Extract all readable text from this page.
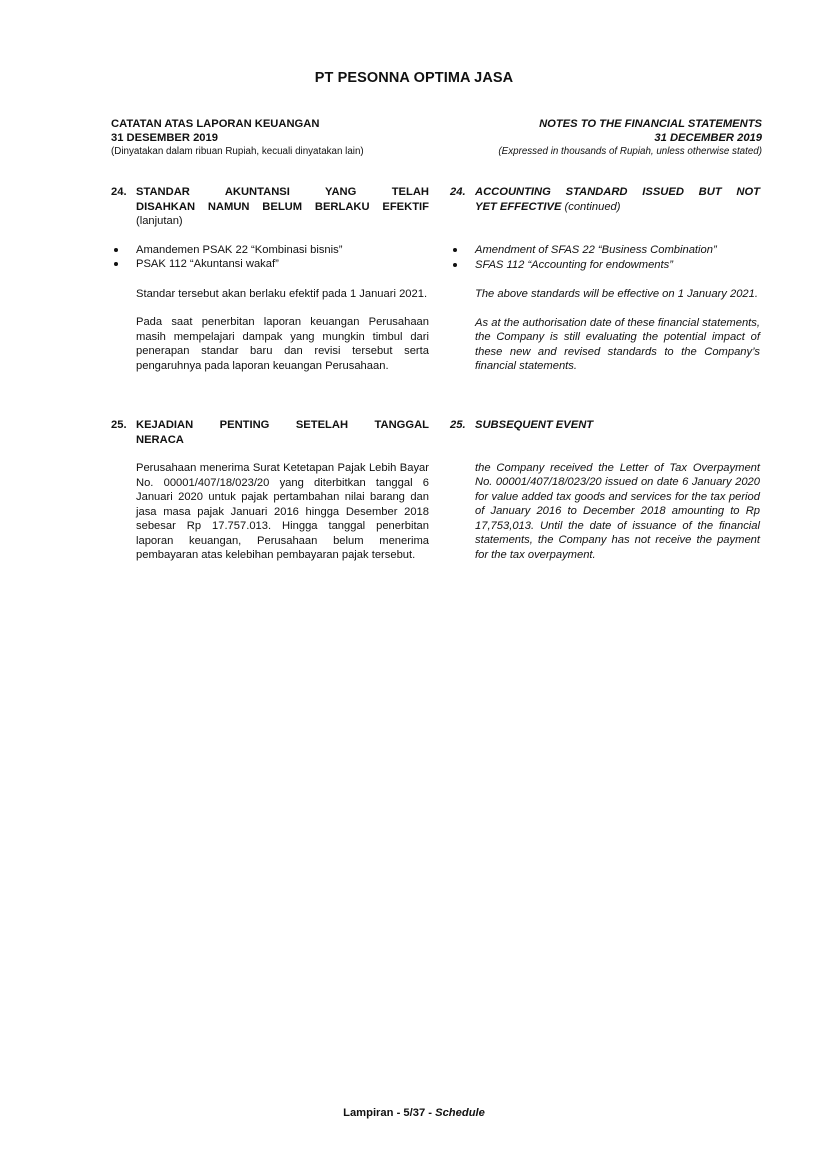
PT PESONNA OPTIMA JASA
CATATAN ATAS LAPORAN KEUANGAN
31 DESEMBER 2019
(Dinyatakan dalam ribuan Rupiah, kecuali dinyatakan lain)
NOTES TO THE FINANCIAL STATEMENTS
31 DECEMBER 2019
(Expressed in thousands of Rupiah, unless otherwise stated)
24. STANDAR AKUNTANSI YANG TELAH
DISAHKAN NAMUN BELUM BERLAKU EFEKTIF
(lanjutan)
Amandemen PSAK 22 “Kombinasi bisnis”
PSAK 112 “Akuntansi wakaf”
Standar tersebut akan berlaku efektif pada 1 Januari 2021.
Pada saat penerbitan laporan keuangan Perusahaan masih mempelajari dampak yang mungkin timbul dari penerapan standar baru dan revisi tersebut serta pengaruhnya pada laporan keuangan Perusahaan.
24. ACCOUNTING STANDARD ISSUED BUT NOT
YET EFFECTIVE (continued)
Amendment of SFAS 22 “Business Combination”
SFAS 112 “Accounting for endowments”
The above standards will be effective on 1 January 2021.
As at the authorisation date of these financial statements, the Company is still evaluating the potential impact of these new and revised standards to the Company’s financial statements.
25. KEJADIAN PENTING SETELAH TANGGAL
NERACA
Perusahaan menerima Surat Ketetapan Pajak Lebih Bayar No. 00001/407/18/023/20 yang diterbitkan tanggal 6 Januari 2020 untuk pajak pertambahan nilai barang dan jasa masa pajak Januari 2016 hingga Desember 2018 sebesar Rp 17.757.013. Hingga tanggal penerbitan laporan keuangan, Perusahaan belum menerima pembayaran atas kelebihan pembayaran pajak tersebut.
25. SUBSEQUENT EVENT
the Company received the Letter of Tax Overpayment No. 00001/407/18/023/20 issued on date 6 January 2020 for value added tax goods and services for the tax period of January 2016 to December 2018 amounting to Rp 17,753,013. Until the date of issuance of the financial statements, the Company has not receive the payment for the tax overpayment.
Lampiran - 5/37 - Schedule
